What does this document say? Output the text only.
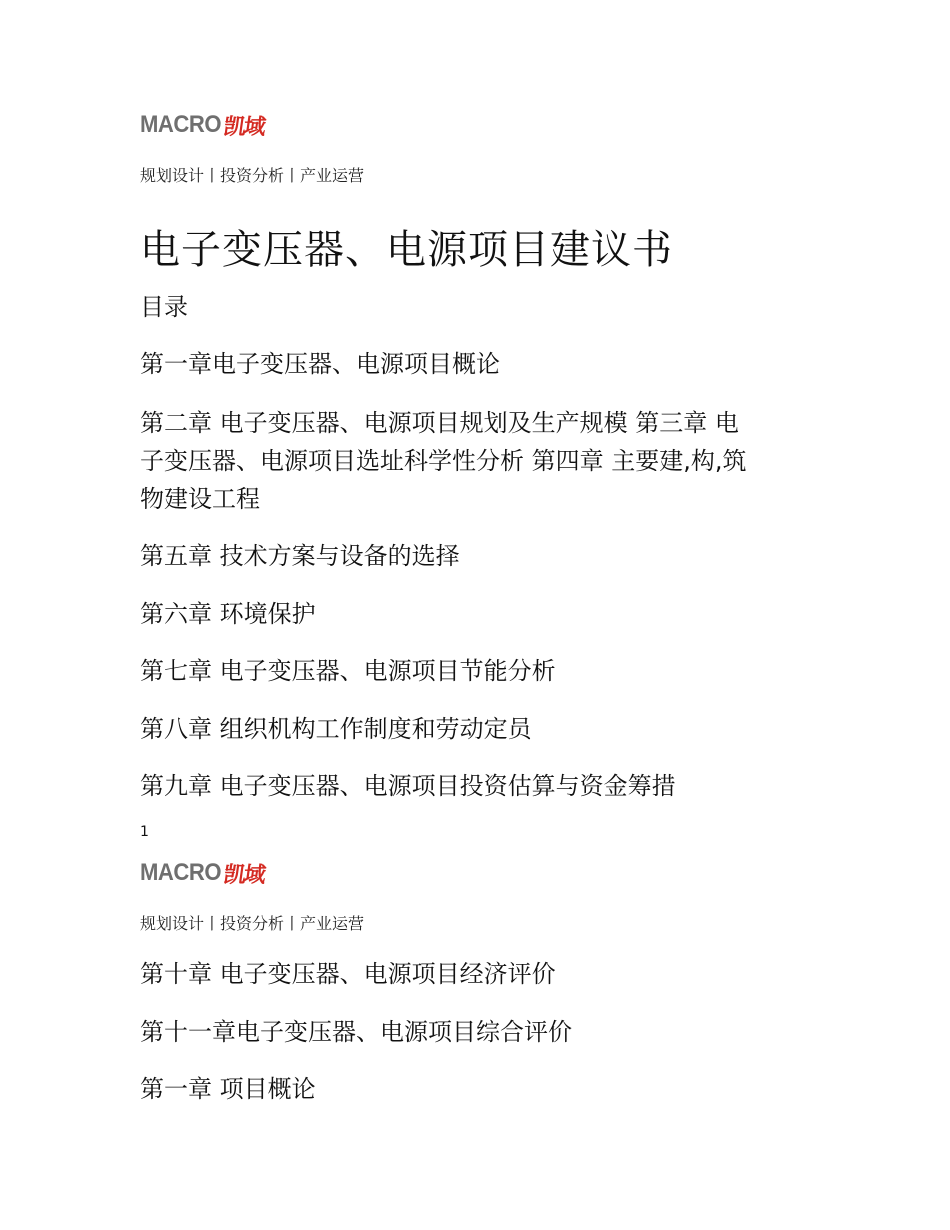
MACRO 凯域
规划设计丨投资分析丨产业运营
电子变压器、电源项目建议书
目录
第一章电子变压器、电源项目概论
第二章 电子变压器、电源项目规划及生产规模 第三章 电
子变压器、电源项目选址科学性分析 第四章 主要建,构,筑
物建设工程
第五章 技术方案与设备的选择
第六章 环境保护
第七章 电子变压器、电源项目节能分析
第八章 组织机构工作制度和劳动定员
第九章 电子变压器、电源项目投资估算与资金筹措
1
MACRO 凯域
规划设计丨投资分析丨产业运营
第十章 电子变压器、电源项目经济评价
第十一章电子变压器、电源项目综合评价
第一章 项目概论
